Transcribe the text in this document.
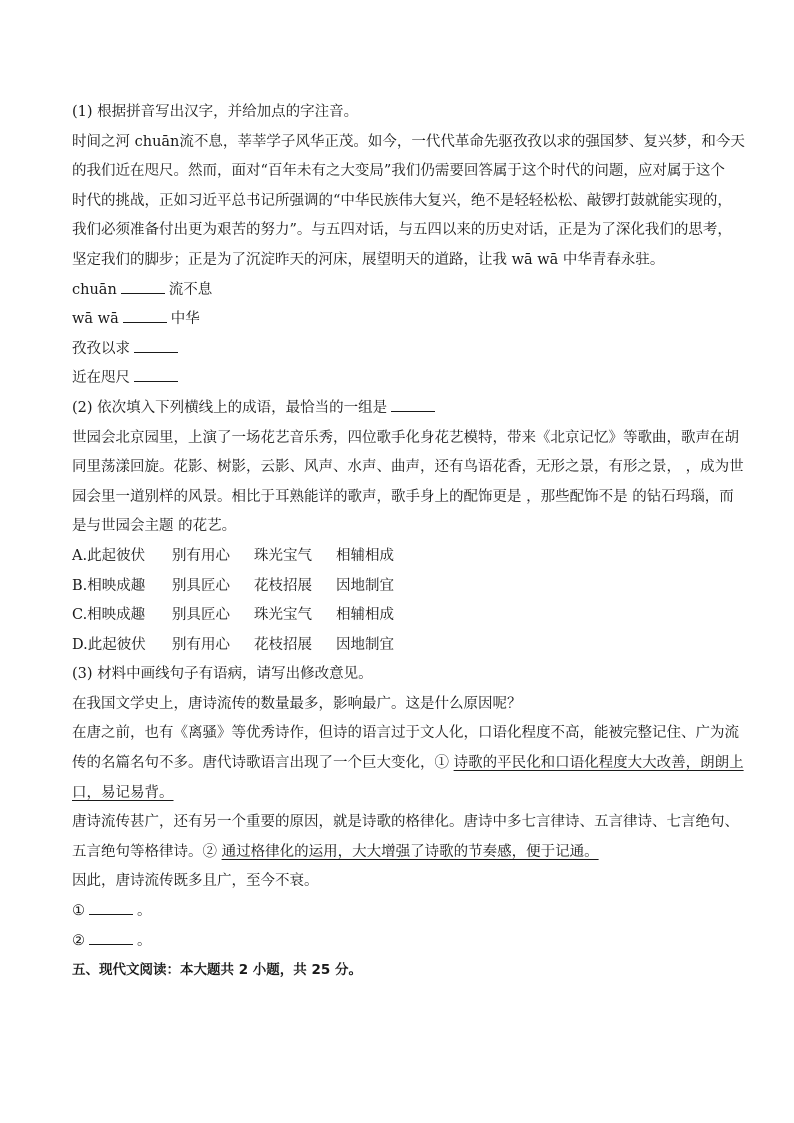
(1) 根据拼音写出汉字，并给加点的字注音。
时间之河 chuān流不息，莘莘学子风华正茂。如今，一代代革命先驱孜孜以求的强国梦、复兴梦，和今天
的我们近在咫尺。然而，面对“百年未有之大变局”我们仍需要回答属于这个时代的问题，应对属于这个
时代的挑战，正如习近平总书记所强调的“中华民族伟大复兴，绝不是轻轻松松、敲锣打鼓就能实现的，
我们必须准备付出更为艰苦的努力”。与五四对话，与五四以来的历史对话，正是为了深化我们的思考，
坚定我们的脚步；正是为了沉淀昨天的河床，展望明天的道路，让我 wā wā 中华青春永驻。
chuān	流不息
wā wā	中华
孜孜以求
近在咫尺
(2) 依次填入下列横线上的成语，最恰当的一组是
世园会北京园里，上演了一场花艺音乐秀，四位歌手化身花艺模特，带来《北京记忆》等歌曲，歌声在胡
同里荡漾回旋。花影、树影，云影、风声、水声、曲声，还有鸟语花香，无形之景，有形之景， ，成为世
园会里一道别样的风景。相比于耳熟能详的歌声，歌手身上的配饰更是 ，那些配饰不是 的钻石玛瑙，而
是与世园会主题 的花艺。
A.此起彼伏	别有用心	珠光宝气	相辅相成
B.相映成趣	别具匠心	花枝招展	因地制宜
C.相映成趣	别具匠心	珠光宝气	相辅相成
D.此起彼伏	别有用心	花枝招展	因地制宜
(3) 材料中画线句子有语病，请写出修改意见。
在我国文学史上，唐诗流传的数量最多，影响最广。这是什么原因呢？
在唐之前，也有《离骚》等优秀诗作，但诗的语言过于文人化，口语化程度不高，能被完整记住、广为流
传的名篇名句不多。唐代诗歌语言出现了一个巨大变化，① 诗歌的平民化和口语化程度大大改善，朗朗上
口，易记易背。
唐诗流传甚广，还有另一个重要的原因，就是诗歌的格律化。唐诗中多七言律诗、五言律诗、七言绝句、
五言绝句等格律诗。② 通过格律化的运用，大大增强了诗歌的节奏感，便于记通。
因此，唐诗流传既多且广，至今不衰。
①	。
②	。
五、现代文阅读：本大题共 2 小题，共 25 分。
